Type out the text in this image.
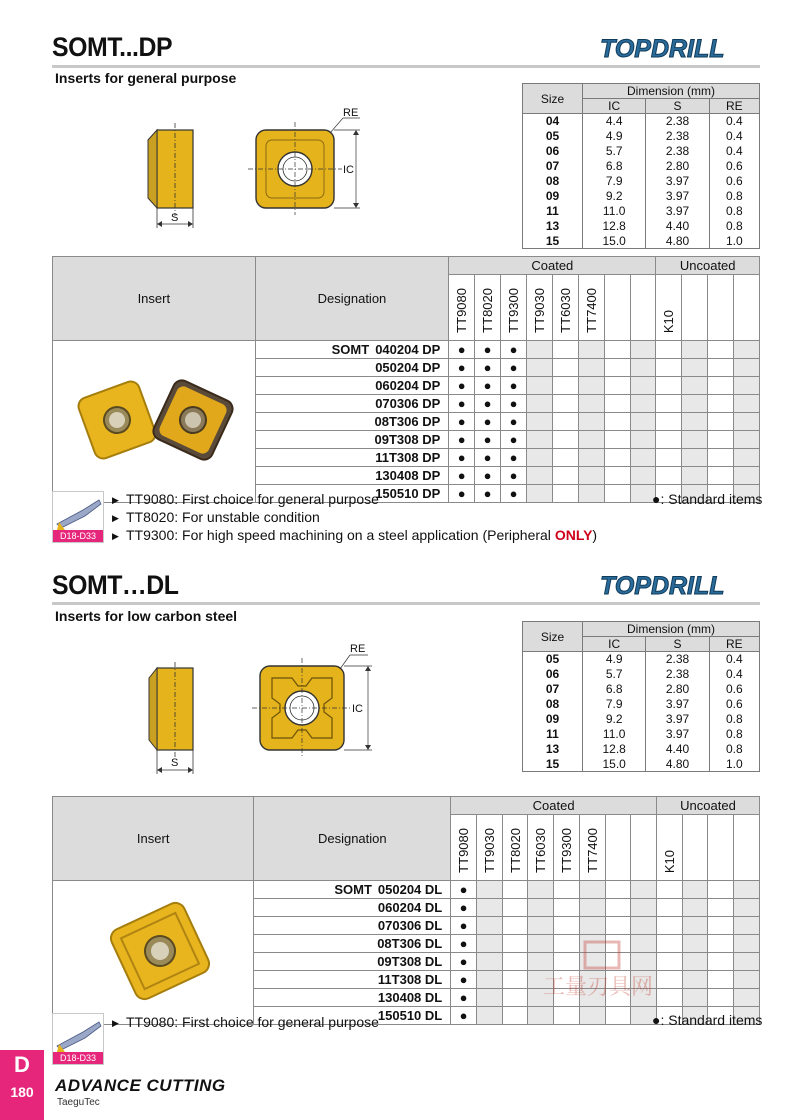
SOMT...DP	TOPDRILL
Inserts for general purpose
S
RE
IC
Size	Dimension (mm)		
	IC	S	RE
04	4.4	2.38	0.4
05	4.9	2.38	0.4
06	5.7	2.38	0.4
07	6.8	2.80	0.6
08	7.9	3.97	0.6
09	9.2	3.97	0.8
11	11.0	3.97	0.8
13	12.8	4.40	0.8
15	15.0	4.80	1.0
Insert	Designation	Coated								Uncoated			
		TT9080	TT8020	TT9300	TT9030	TT6030	TT7400			K10			
	SOMT 040204 DP	●	●	●									
	050204 DP	●	●	●									
	060204 DP	●	●	●									
	070306 DP	●	●	●									
	08T306 DP	●	●	●									
	09T308 DP	●	●	●									
	11T308 DP	●	●	●									
	130408 DP	●	●	●									
	150510 DP	●	●	●									
D18-D33
▶ TT9080: First choice for general purpose
▶ TT8020: For unstable condition
▶ TT9300: For high speed machining on a steel application (Peripheral ONLY)
●: Standard items
SOMT…DL	TOPDRILL
Inserts for low carbon steel
S
RE
IC
Size	Dimension (mm)		
	IC	S	RE
05	4.9	2.38	0.4
06	5.7	2.38	0.4
07	6.8	2.80	0.6
08	7.9	3.97	0.6
09	9.2	3.97	0.8
11	11.0	3.97	0.8
13	12.8	4.40	0.8
15	15.0	4.80	1.0
Insert	Designation	Coated								Uncoated			
		TT9080	TT9030	TT8020	TT6030	TT9300	TT7400			K10			
	SOMT 050204 DL	●											
	060204 DL	●											
	070306 DL	●											
	08T306 DL	●											
	09T308 DL	●											
	11T308 DL	●											
	130408 DL	●											
	150510 DL	●											
D18-D33
▶ TT9080: First choice for general purpose	●: Standard items
工量刃具网
D
180	ADVANCE CUTTING
TaeguTec
